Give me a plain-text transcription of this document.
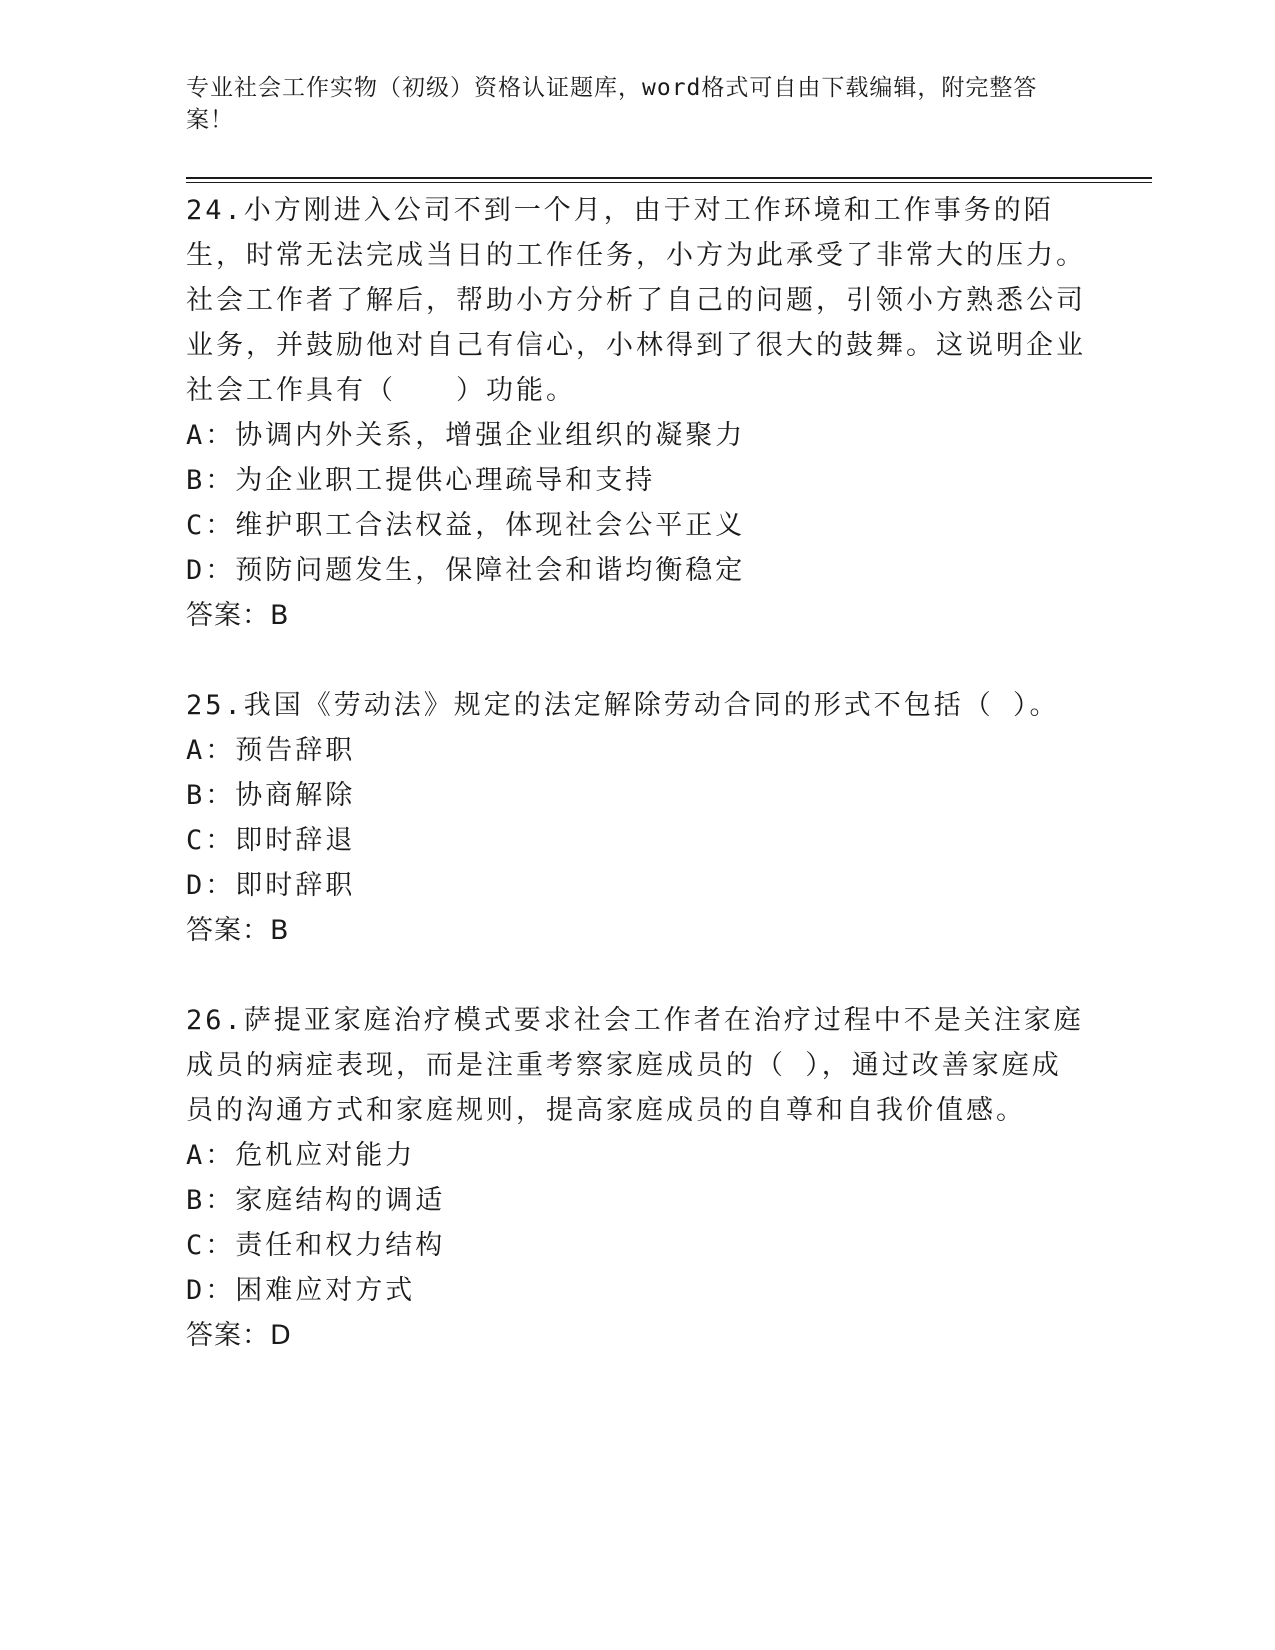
专业社会工作实物（初级）资格认证题库，word格式可自由下载编辑，附完整答案！
24.小方刚进入公司不到一个月，由于对工作环境和工作事务的陌生，时常无法完成当日的工作任务，小方为此承受了非常大的压力。社会工作者了解后，帮助小方分析了自己的问题，引领小方熟悉公司业务，并鼓励他对自己有信心，小林得到了很大的鼓舞。这说明企业社会工作具有（　　）功能。
A：协调内外关系，增强企业组织的凝聚力
B：为企业职工提供心理疏导和支持
C：维护职工合法权益，体现社会公平正义
D：预防问题发生，保障社会和谐均衡稳定
答案：B
25.我国《劳动法》规定的法定解除劳动合同的形式不包括（ ）。
A：预告辞职
B：协商解除
C：即时辞退
D：即时辞职
答案：B
26.萨提亚家庭治疗模式要求社会工作者在治疗过程中不是关注家庭成员的病症表现，而是注重考察家庭成员的（ ），通过改善家庭成员的沟通方式和家庭规则，提高家庭成员的自尊和自我价值感。
A：危机应对能力
B：家庭结构的调适
C：责任和权力结构
D：困难应对方式
答案：D
